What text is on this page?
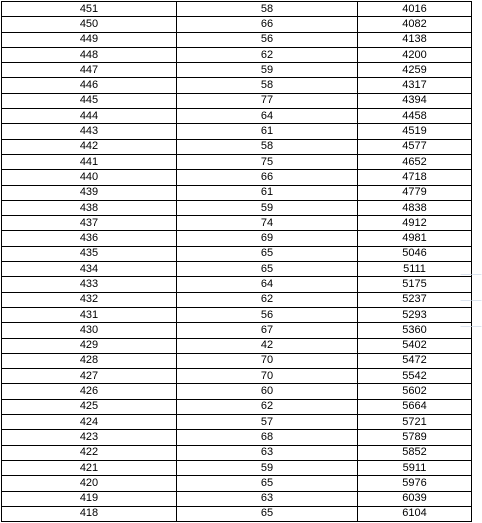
451	58	4016
450	66	4082
449	56	4138
448	62	4200
447	59	4259
446	58	4317
445	77	4394
444	64	4458
443	61	4519
442	58	4577
441	75	4652
440	66	4718
439	61	4779
438	59	4838
437	74	4912
436	69	4981
435	65	5046
434	65	5111
433	64	5175
432	62	5237
431	56	5293
430	67	5360
429	42	5402
428	70	5472
427	70	5542
426	60	5602
425	62	5664
424	57	5721
423	68	5789
422	63	5852
421	59	5911
420	65	5976
419	63	6039
418	65	6104
⸺
⸺
⸺
